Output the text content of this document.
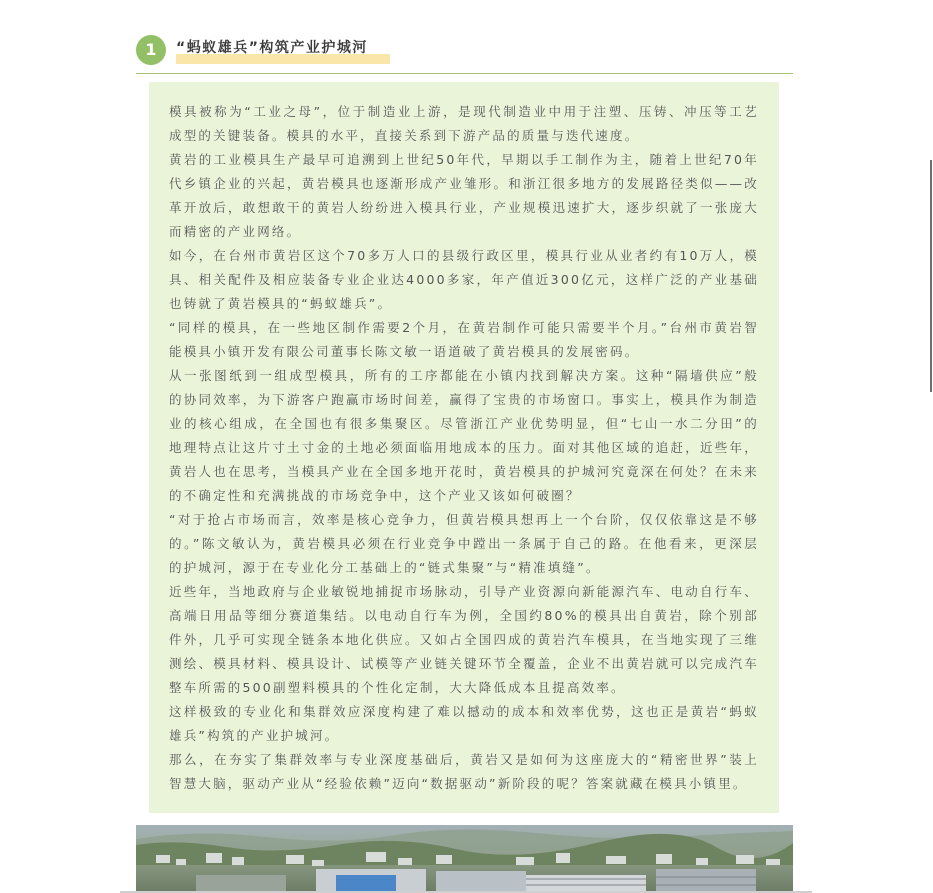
1	“蚂蚁雄兵”构筑产业护城河

模具被称为“工业之母”，位于制造业上游，是现代制造业中用于注塑、压铸、冲压等工艺成型的关键装备。模具的水平，直接关系到下游产品的质量与迭代速度。

黄岩的工业模具生产最早可追溯到上世纪50年代，早期以手工制作为主，随着上世纪70年代乡镇企业的兴起，黄岩模具也逐渐形成产业雏形。和浙江很多地方的发展路径类似——改革开放后，敢想敢干的黄岩人纷纷进入模具行业，产业规模迅速扩大，逐步织就了一张庞大而精密的产业网络。

如今，在台州市黄岩区这个70多万人口的县级行政区里，模具行业从业者约有10万人，模具、相关配件及相应装备专业企业达4000多家，年产值近300亿元，这样广泛的产业基础也铸就了黄岩模具的“蚂蚁雄兵”。

“同样的模具，在一些地区制作需要2个月，在黄岩制作可能只需要半个月。”台州市黄岩智能模具小镇开发有限公司董事长陈文敏一语道破了黄岩模具的发展密码。

从一张图纸到一组成型模具，所有的工序都能在小镇内找到解决方案。这种“隔墙供应”般的协同效率，为下游客户跑赢市场时间差，赢得了宝贵的市场窗口。事实上，模具作为制造业的核心组成，在全国也有很多集聚区。尽管浙江产业优势明显，但“七山一水二分田”的地理特点让这片寸土寸金的土地必须面临用地成本的压力。面对其他区域的追赶，近些年，黄岩人也在思考，当模具产业在全国多地开花时，黄岩模具的护城河究竟深在何处？在未来的不确定性和充满挑战的市场竞争中，这个产业又该如何破圈？

“对于抢占市场而言，效率是核心竞争力，但黄岩模具想再上一个台阶，仅仅依靠这是不够的。”陈文敏认为，黄岩模具必须在行业竞争中蹚出一条属于自己的路。在他看来，更深层的护城河，源于在专业化分工基础上的“链式集聚”与“精准填缝”。

近些年，当地政府与企业敏锐地捕捉市场脉动，引导产业资源向新能源汽车、电动自行车、高端日用品等细分赛道集结。以电动自行车为例，全国约80%的模具出自黄岩，除个别部件外，几乎可实现全链条本地化供应。又如占全国四成的黄岩汽车模具，在当地实现了三维测绘、模具材料、模具设计、试模等产业链关键环节全覆盖，企业不出黄岩就可以完成汽车整车所需的500副塑料模具的个性化定制，大大降低成本且提高效率。

这样极致的专业化和集群效应深度构建了难以撼动的成本和效率优势，这也正是黄岩“蚂蚁雄兵”构筑的产业护城河。

那么，在夯实了集群效率与专业深度基础后，黄岩又是如何为这座庞大的“精密世界”装上智慧大脑，驱动产业从“经验依赖”迈向“数据驱动”新阶段的呢？答案就藏在模具小镇里。
